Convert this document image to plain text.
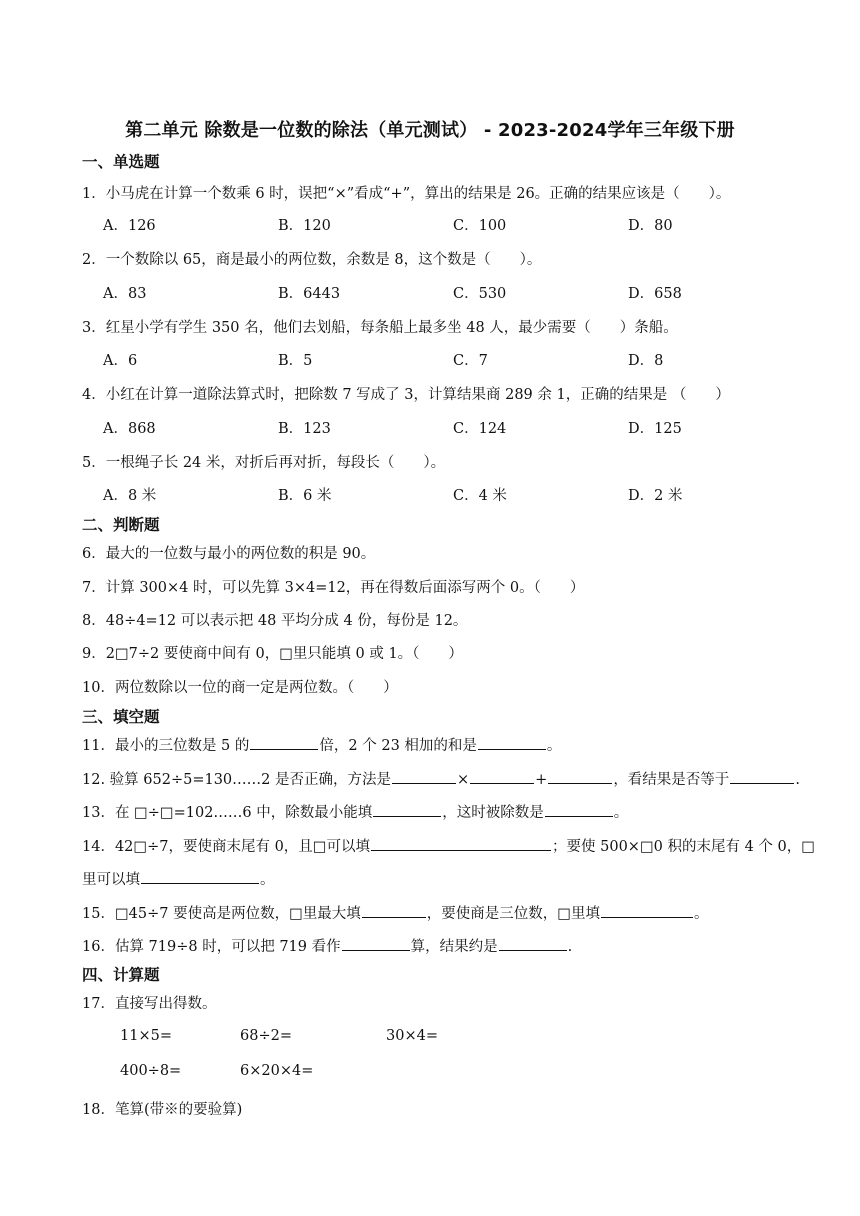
第二单元 除数是一位数的除法（单元测试） - 2023-2024学年三年级下册
一、单选题
1．小马虎在计算一个数乘 6 时，误把“×”看成“+”，算出的结果是 26。正确的结果应该是（　　）。
A．126	B．120	C．100	D．80
2．一个数除以 65，商是最小的两位数，余数是 8，这个数是（　　）。
A．83	B．6443	C．530	D．658
3．红星小学有学生 350 名，他们去划船，每条船上最多坐 48 人，最少需要（　　）条船。
A．6	B．5	C．7	D．8
4．小红在计算一道除法算式时，把除数 7 写成了 3，计算结果商 289 余 1，正确的结果是 （　　）
A．868	B．123	C．124	D．125
5．一根绳子长 24 米，对折后再对折，每段长（　　）。
A．8 米	B．6 米	C．4 米	D．2 米
二、判断题
6．最大的一位数与最小的两位数的积是 90。
7．计算 300×4 时，可以先算 3×4=12，再在得数后面添写两个 0。（　　）
8．48÷4=12 可以表示把 48 平均分成 4 份，每份是 12。
9．2□7÷2 要使商中间有 0，□里只能填 0 或 1。（　　）
10．两位数除以一位的商一定是两位数。（　　）
三、填空题
11．最小的三位数是 5 的	倍，2 个 23 相加的和是	。
12. 验算 652÷5=130……2 是否正确，方法是	×	+	，看结果是否等于	.
13．在 □÷□=102……6 中，除数最小能填	，这时被除数是	。
14．42□÷7，要使商末尾有 0，且□可以填	；要使 500×□0 积的末尾有 4 个 0，□
里可以填	。
15．□45÷7 要使高是两位数，□里最大填	，要使商是三位数，□里填	。
16．估算 719÷8 时，可以把 719 看作	算，结果约是	.
四、计算题
17．直接写出得数。
11×5=	68÷2=	30×4=
400÷8=	6×20×4=
18．笔算(带※的要验算)
